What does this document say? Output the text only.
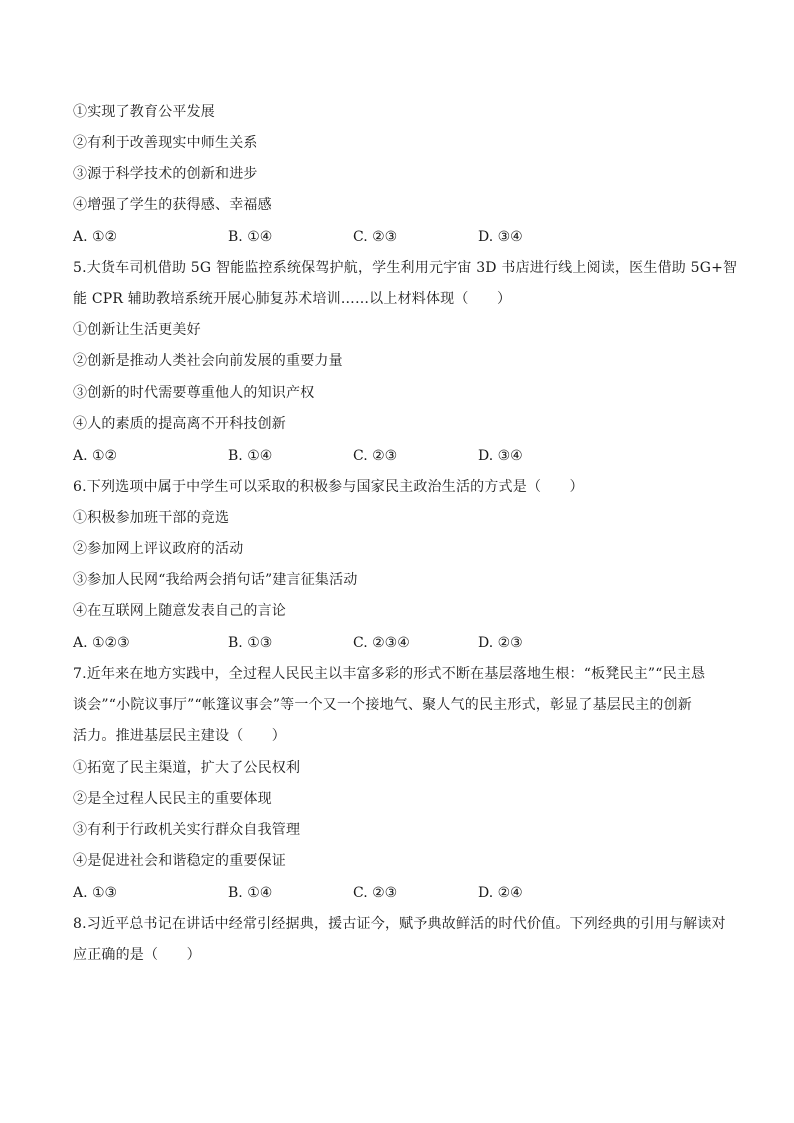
①实现了教育公平发展
②有利于改善现实中师生关系
③源于科学技术的创新和进步
④增强了学生的获得感、幸福感
A. ①②	B. ①④	C. ②③	D. ③④
5.大货车司机借助 5G 智能监控系统保驾护航，学生利用元宇宙 3D 书店进行线上阅读，医生借助 5G+智
能 CPR 辅助教培系统开展心肺复苏术培训……以上材料体现（　　）
①创新让生活更美好
②创新是推动人类社会向前发展的重要力量
③创新的时代需要尊重他人的知识产权
④人的素质的提高离不开科技创新
A. ①②	B. ①④	C. ②③	D. ③④
6.下列选项中属于中学生可以采取的积极参与国家民主政治生活的方式是（　　）
①积极参加班干部的竞选
②参加网上评议政府的活动
③参加人民网“我给两会捎句话”建言征集活动
④在互联网上随意发表自己的言论
A. ①②③	B. ①③	C. ②③④	D. ②③
7.近年来在地方实践中，全过程人民民主以丰富多彩的形式不断在基层落地生根：“板凳民主”“民主恳
谈会”“小院议事厅”“帐篷议事会”等一个又一个接地气、聚人气的民主形式，彰显了基层民主的创新
活力。推进基层民主建设（　　）
①拓宽了民主渠道，扩大了公民权利
②是全过程人民民主的重要体现
③有利于行政机关实行群众自我管理
④是促进社会和谐稳定的重要保证
A. ①③	B. ①④	C. ②③	D. ②④
8.习近平总书记在讲话中经常引经据典，援古证今，赋予典故鲜活的时代价值。下列经典的引用与解读对
应正确的是（　　）
